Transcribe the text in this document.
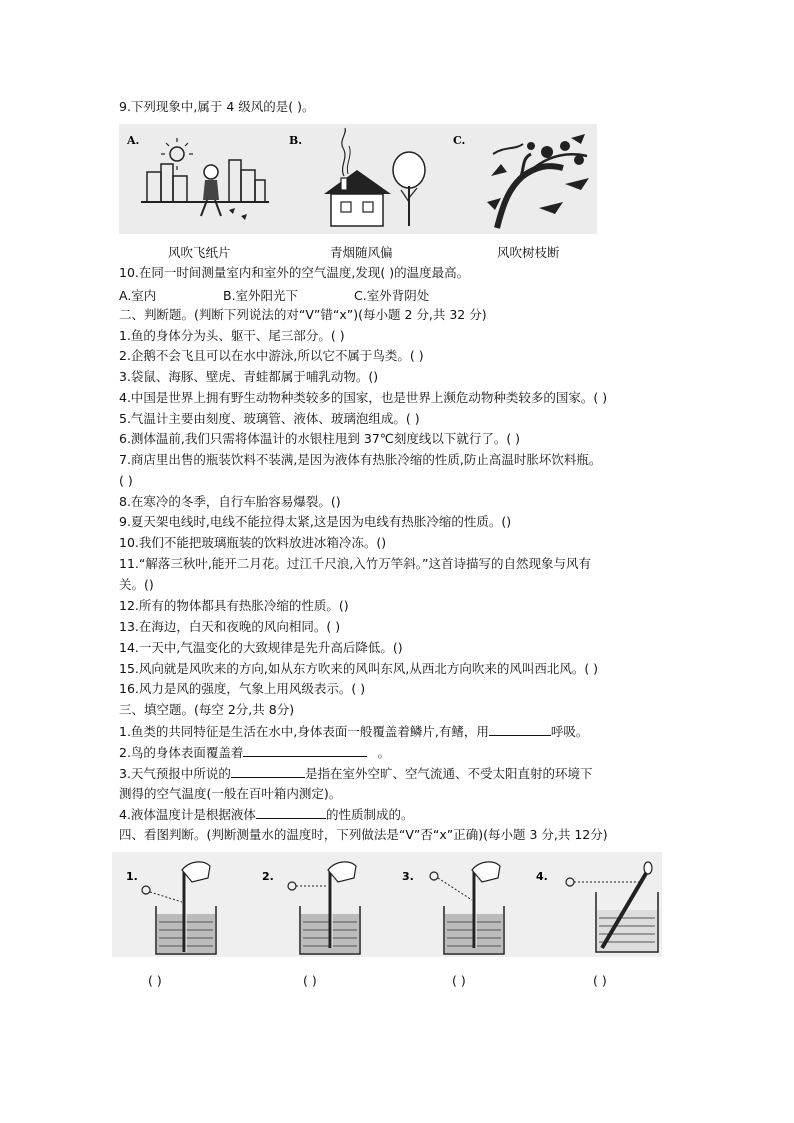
9.下列现象中,属于 4 级风的是( )。
A.	B.	C.
风吹飞纸片	青烟随风偏	风吹树枝断
10.在同一时间测量室内和室外的空气温度,发现( )的温度最高。
A.室内	B.室外阳光下	C.室外背阴处
二、判断题。(判断下列说法的对“V”错“x”)(每小题 2 分,共 32 分)
1.鱼的身体分为头、躯干、尾三部分。( )
2.企鹅不会飞且可以在水中游泳,所以它不属于鸟类。( )
3.袋鼠、海豚、壁虎、青蛙都属于哺乳动物。()
4.中国是世界上拥有野生动物种类较多的国家，也是世界上濒危动物种类较多的国家。( )
5.气温计主要由刻度、玻璃管、液体、玻璃泡组成。( )
6.测体温前,我们只需将体温计的水银柱甩到 37℃刻度线以下就行了。( )
7.商店里出售的瓶装饮料不装满,是因为液体有热胀冷缩的性质,防止高温时胀坏饮料瓶。
( )
8.在寒冷的冬季，自行车胎容易爆裂。()
9.夏天架电线时,电线不能拉得太紧,这是因为电线有热胀冷缩的性质。()
10.我们不能把玻璃瓶装的饮料放进冰箱冷冻。()
11.“解落三秋叶,能开二月花。过江千尺浪,入竹万竿斜。”这首诗描写的自然现象与风有
关。()
12.所有的物体都具有热胀冷缩的性质。()
13.在海边，白天和夜晚的风向相同。( )
14.一天中,气温变化的大致规律是先升高后降低。()
15.风向就是风吹来的方向,如从东方吹来的风叫东风,从西北方向吹来的风叫西北风。( )
16.风力是风的强度，气象上用风级表示。( )
三、填空题。(每空 2分,共 8分)
1.鱼类的共同特征是生活在水中,身体表面一般覆盖着鳞片,有鳍，用	呼吸。
2.鸟的身体表面覆盖着	。
3.天气预报中所说的	是指在室外空旷、空气流通、不受太阳直射的环境下
测得的空气温度(一般在百叶箱内测定)。
4.液体温度计是根据液体	的性质制成的。
四、看图判断。(判断测量水的温度时，下列做法是“V”否“x”正确)(每小题 3 分,共 12分)
1.	2.	3.	4.
( )	( )	( )	( )
